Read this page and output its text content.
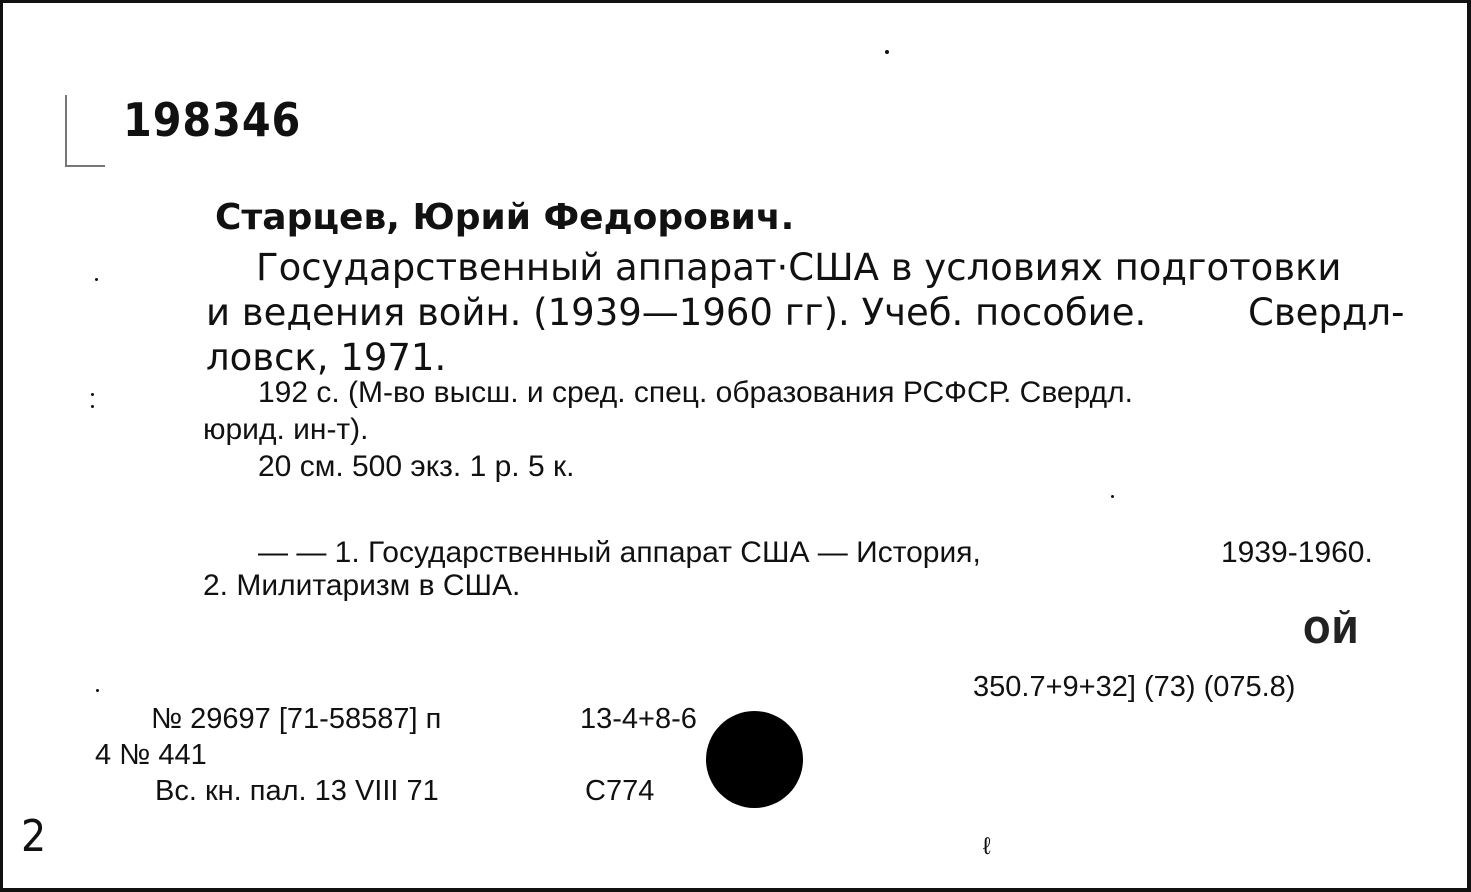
198346
Старцев, Юрий Федорович.
Государственный аппарат·США в условиях подготовки
и ведения войн. (1939—1960 гг). Учеб. пособие.	Свердл-
ловск, 1971.
192 с. (М-во высш. и сред. спец. образования РСФСР. Свердл.
юрид. ин-т).
20 см. 500 экз. 1 р. 5 к.
— — 1. Государственный аппарат США — История,	1939-1960.
2. Милитаризм в США.
ОЙ
350.7+9+32] (73) (075.8)
№ 29697 [71-58587] п	13-4+8-6
4 № 441
Вс. кн. пал. 13 VIII 71	С774
2	ℓ
